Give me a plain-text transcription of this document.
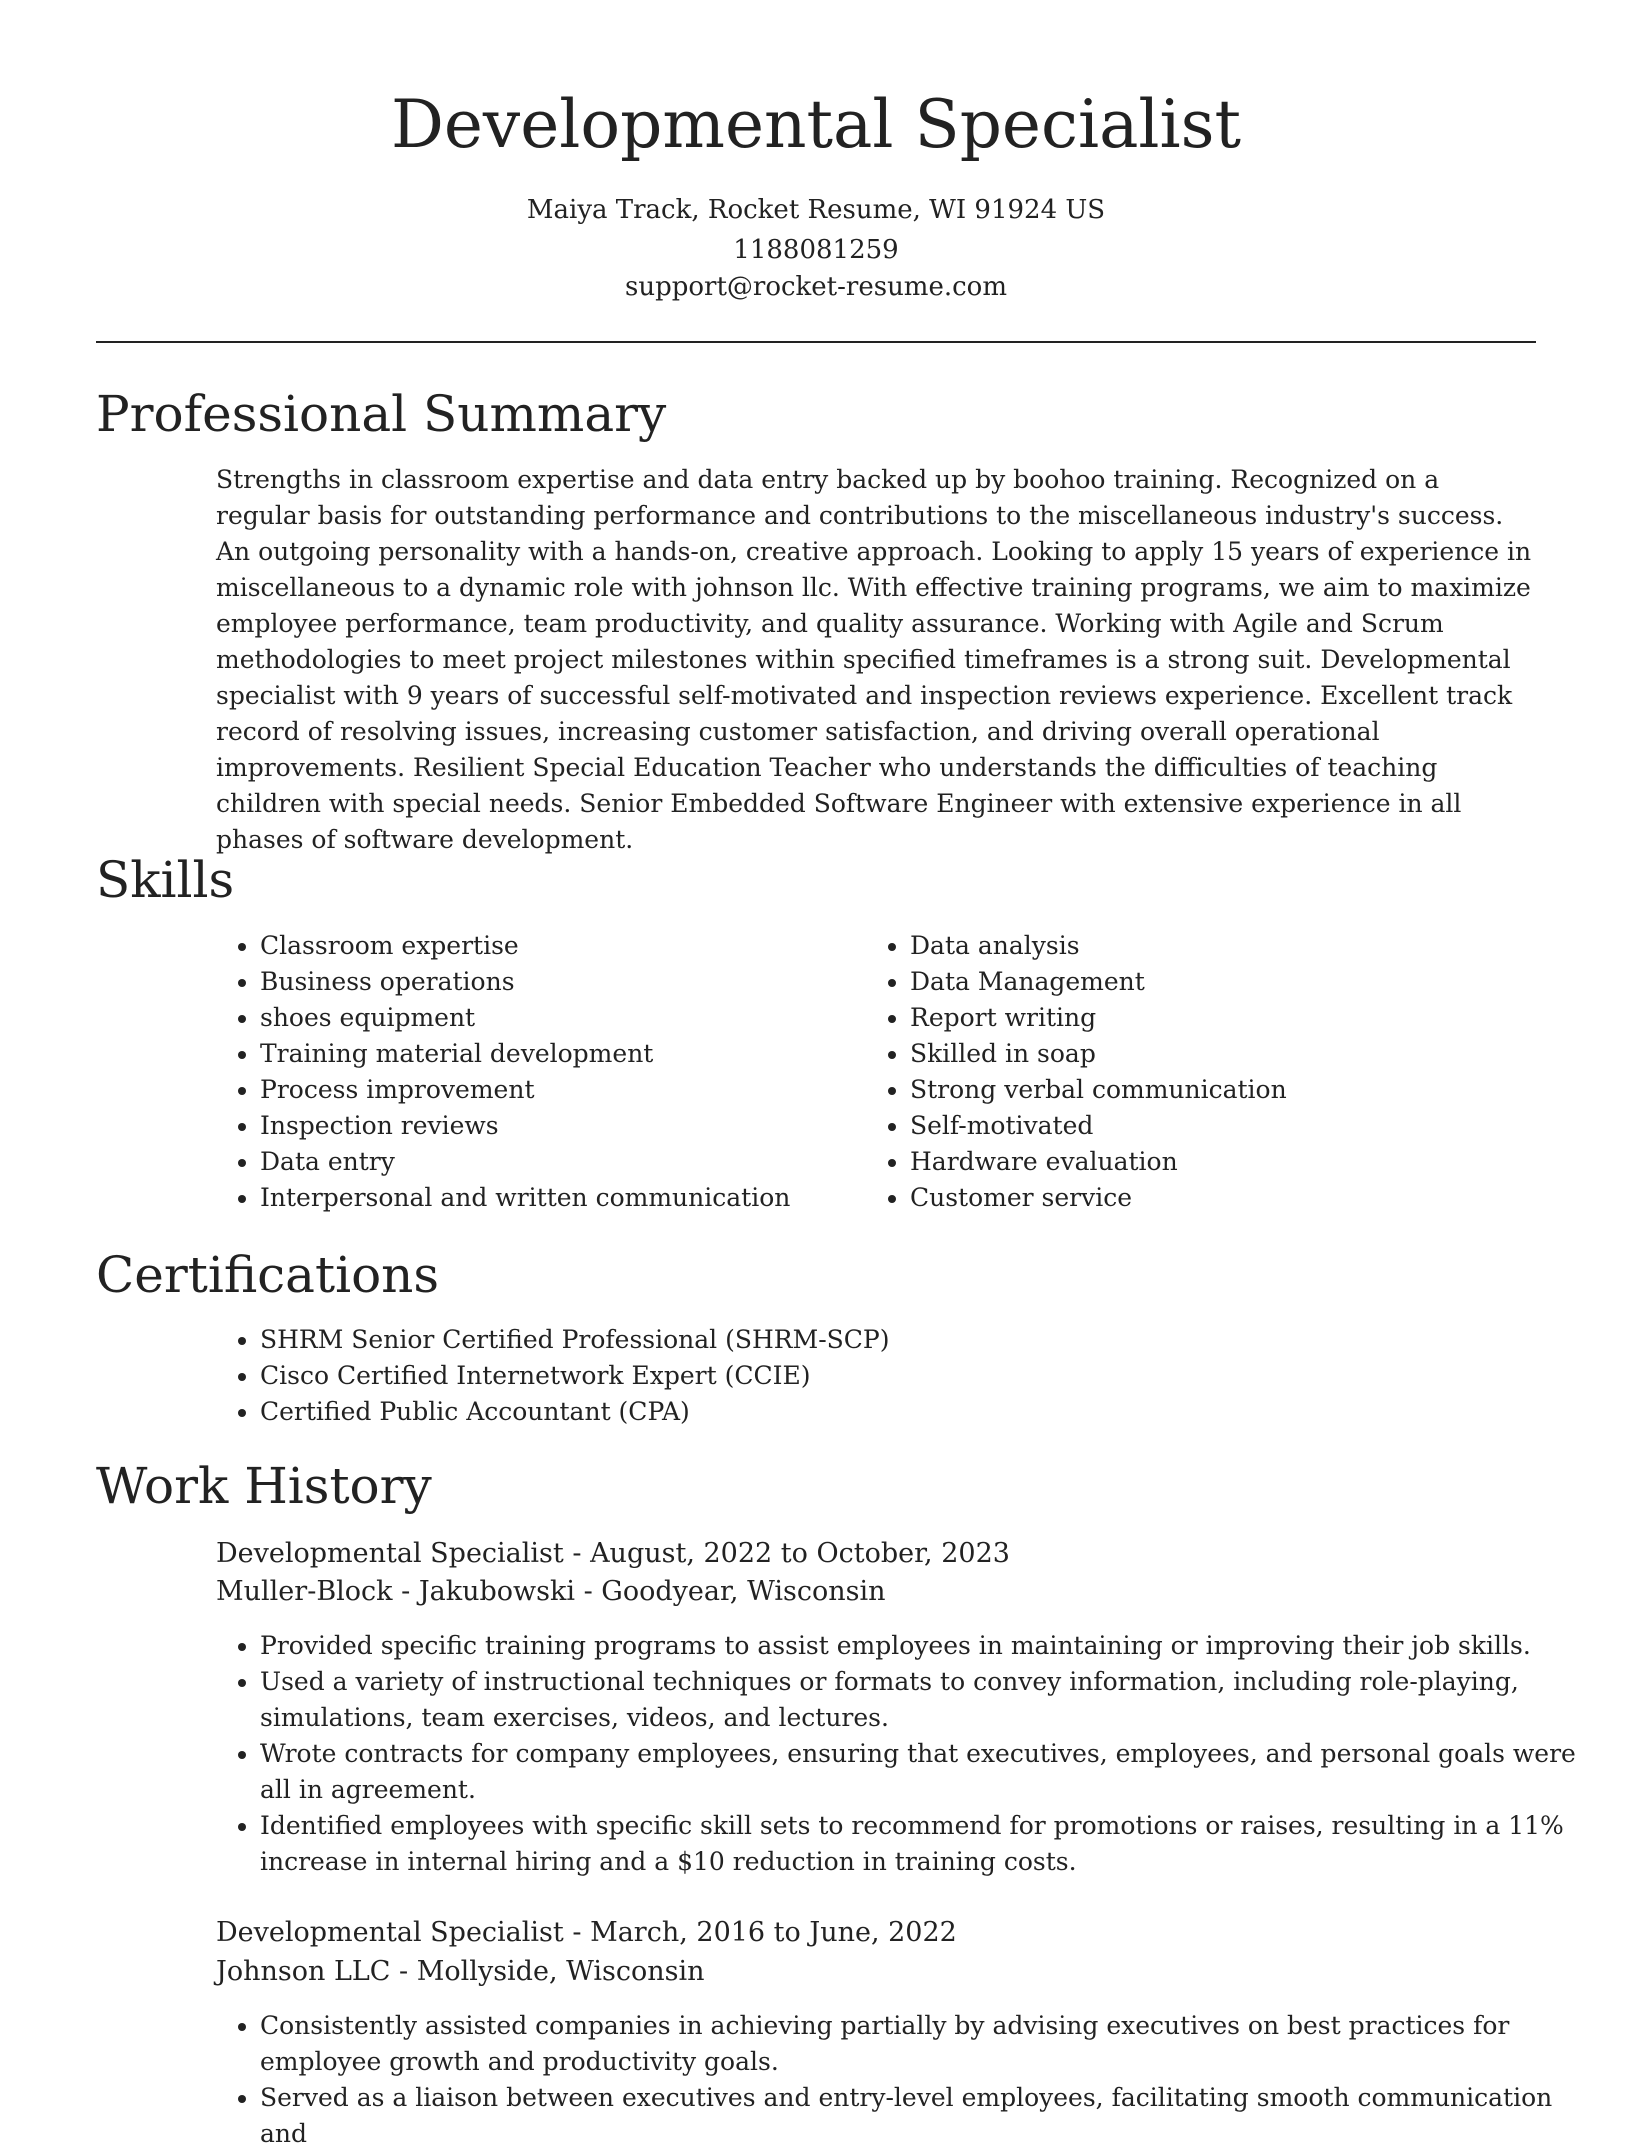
Developmental Specialist
Maiya Track, Rocket Resume, WI 91924 US
1188081259
support@rocket-resume.com
Professional Summary

Strengths in classroom expertise and data entry backed up by boohoo training. Recognized on a regular basis for outstanding performance and contributions to the miscellaneous industry's success. An outgoing personality with a hands-on, creative approach. Looking to apply 15 years of experience in miscellaneous to a dynamic role with johnson llc. With effective training programs, we aim to maximize employee performance, team productivity, and quality assurance. Working with Agile and Scrum methodologies to meet project milestones within specified timeframes is a strong suit. Developmental specialist with 9 years of successful self-motivated and inspection reviews experience. Excellent track record of resolving issues, increasing customer satisfaction, and driving overall operational improvements. Resilient Special Education Teacher who understands the difficulties of teaching children with special needs. Senior Embedded Software Engineer with extensive experience in all phases of software development.

Skills
• Classroom expertise
• Business operations
• shoes equipment
• Training material development
• Process improvement
• Inspection reviews
• Data entry
• Interpersonal and written communication
• Data analysis
• Data Management
• Report writing
• Skilled in soap
• Strong verbal communication
• Self-motivated
• Hardware evaluation
• Customer service
Certifications
• SHRM Senior Certified Professional (SHRM-SCP)
• Cisco Certified Internetwork Expert (CCIE)
• Certified Public Accountant (CPA)
Work History
Developmental Specialist - August, 2022 to October, 2023
Muller-Block - Jakubowski - Goodyear, Wisconsin
• Provided specific training programs to assist employees in maintaining or improving their job skills.
• Used a variety of instructional techniques or formats to convey information, including role-playing, simulations, team exercises, videos, and lectures.
• Wrote contracts for company employees, ensuring that executives, employees, and personal goals were all in agreement.
• Identified employees with specific skill sets to recommend for promotions or raises, resulting in a 11% increase in internal hiring and a $10 reduction in training costs.
Developmental Specialist - March, 2016 to June, 2022
Johnson LLC - Mollyside, Wisconsin
• Consistently assisted companies in achieving partially by advising executives on best practices for employee growth and productivity goals.
• Served as a liaison between executives and entry-level employees, facilitating smooth communication and
